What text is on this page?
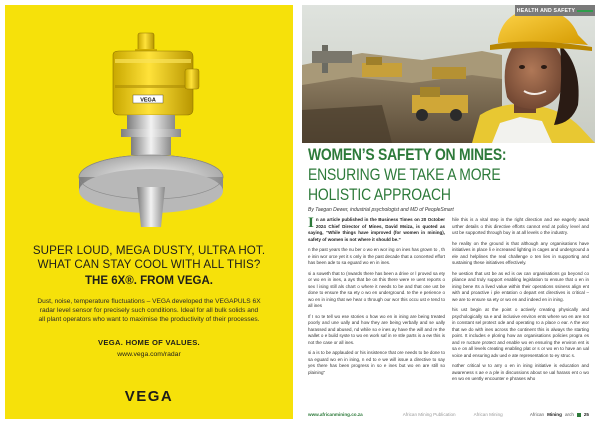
VEGA
SUPER LOUD, MEGA DUSTY, ULTRA HOT.
WHAT CAN STAY COOL WITH ALL THIS?
THE 6X®. FROM VEGA.
Dust, noise, temperature fluctuations – VEGA developed the VEGAPULS 6X
radar level sensor for precisely such conditions. Ideal for all bulk solids and
all plant operators who want to maximise the productivity of their processes.
VEGA. HOME OF VALUES.
www.vega.com/radar
VEGA
HEALTH AND SAFETY
WOMEN’S SAFETY ON MINES:
ENSURING WE TAKE A MORE
HOLISTIC APPROACH
By Taegan Dewer, industrial psychologist and MD of PeopleSmart

I n an article published in the Business Times on 20 October 2024 Chief Director of Mines, David Msiza, is quoted as saying, “While things have improved (for women in mining), safety of women is not where it should be.”

n the past years the nu ber o wo en wor ing on ines has grown to , th e inin wor orce yet it s only in the past decade that a concerted effort has been ade to sa eguard wo en in ines.

si a soweth that to (nwards there has been a drive or l proved sa ety or wo en in ines, a ays that be on this there were re uent reports o sex l ising still als chart o where it needs to be and that one ust be done to ensure the sa ety o wo en underground. te the e perience o wo en in ining that we hear o through our wor this occu ust e tend to all ines

If I so te tell wo ese stories o how wo en in ining are being treated poorly and une ually and how they are being verbally and se ually harassed and abused, nd while so e ines ay have the will and re the wallet o e build syste to wo en work saf in re stle parts is a ew this is not the case or all ines.

si a is to be applauded or his insistence that ore needs to be done to sa eguard wo en in ining, n ed to e we will issue a directive to say yes there has been progress in so e ines but wo en are still so plaining”

hile this is a vital step in the right direction and we eagerly await urther details o this directive efforts cannot end at policy level and ust be supported through buy in at all levels o the industry.

he reality on the ground is that although any organisations have initiatives in place li e increased lighting in cages and underground a ele and helplines the real challenge o ten lies in supporting and sustaining these initiatives effectively.

he uestion that ust be as ed is ow can organisations go beyond co pliance and truly support enabling legislation to ensure that o en in ining bene rts a lived value within their operations ssiness align ent with and proactive i ple entation o depart ent directives is critical – we are to ensure sa ety or wo en and indeed en in ining.

his ust begin at the point o actively creating physically and psychologically sa e and inclusive environ ents where wo en are not in constant sel protect ode and operating ro a place o ear. A the wor that we do with ines across the continent this is always the starting point. It includes e ploring how an organisations policies progra es and re ructure protect and enable wo en ensuring the environ ent is sa e on all levels creating enabling plat or s or wo en to have an ual voice and ensuring adv ued e ate representation to ey struc s.

nother critical w to arry o en in ining initiative is education and awareness s ae e a ple in discussions about se ual harass ent o wo en wo en uently encounter e phrases who

www.africanmining.co.za	African Mining Publication	African Mining	African Mining arch 25
